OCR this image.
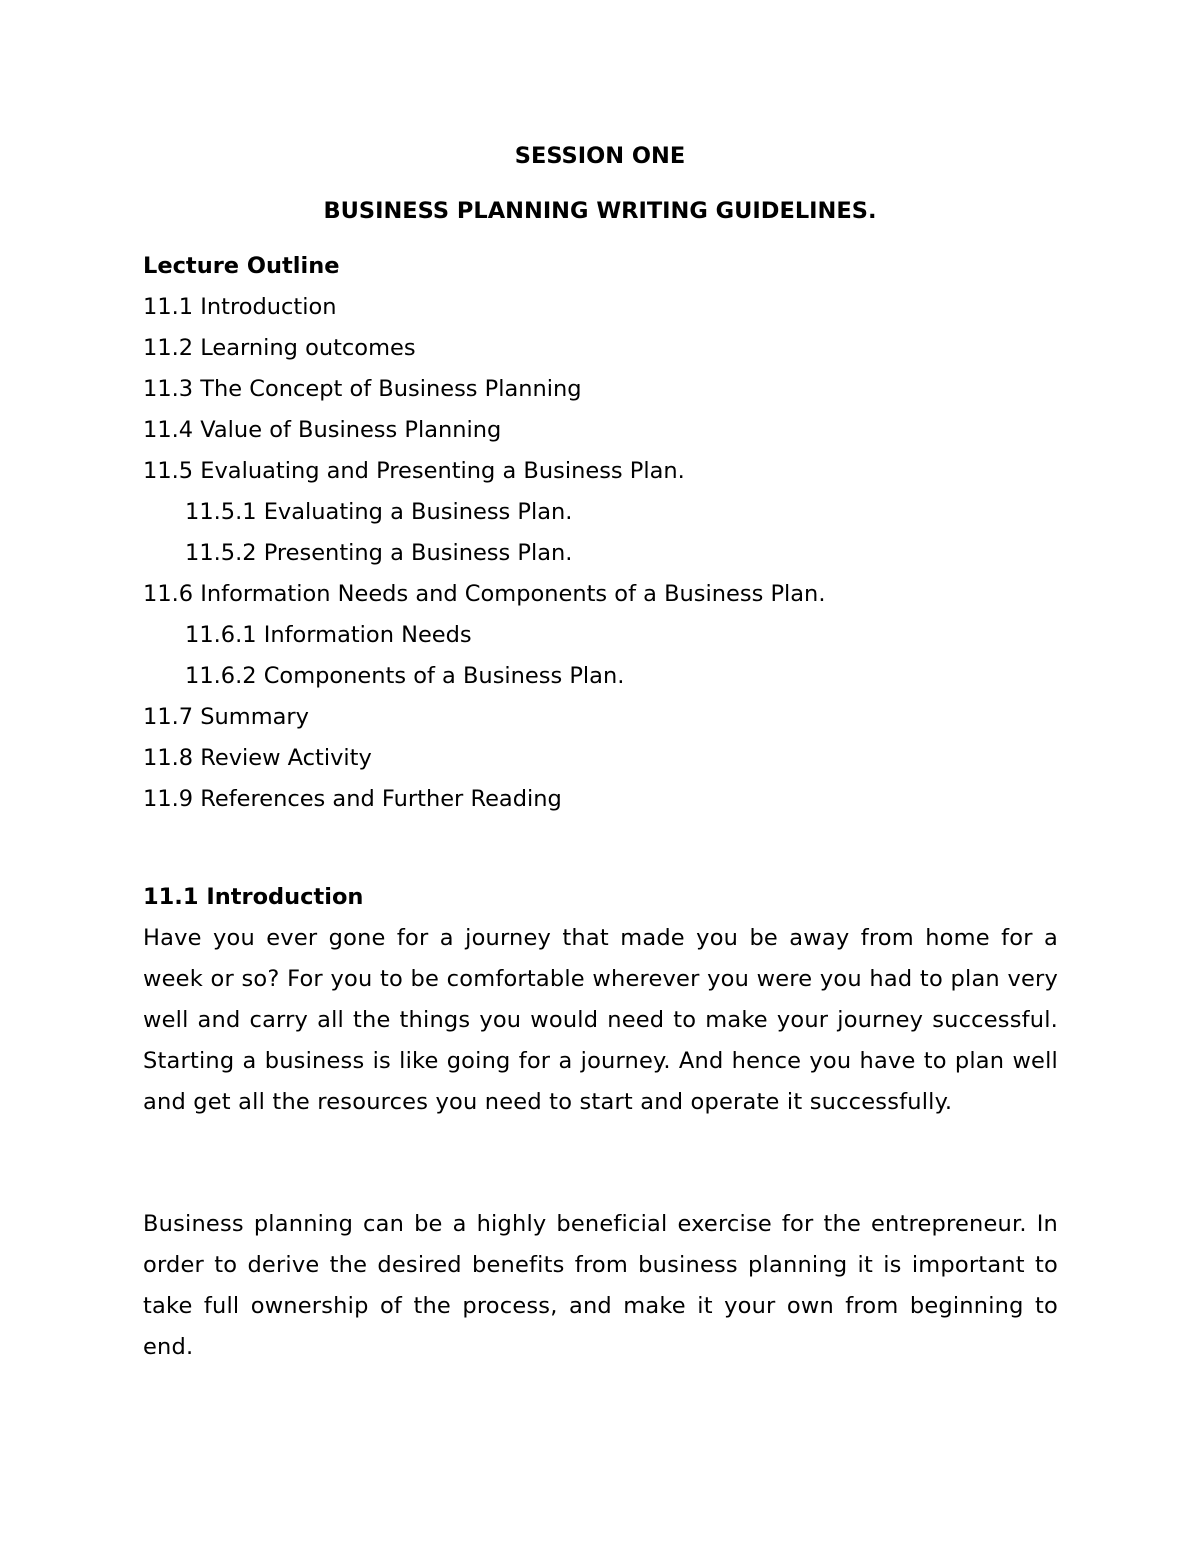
SESSION ONE

BUSINESS PLANNING WRITING GUIDELINES.

Lecture Outline

11.1 Introduction

11.2 Learning outcomes

11.3 The Concept of Business Planning

11.4 Value of Business Planning

11.5 Evaluating and Presenting a Business Plan.

11.5.1 Evaluating a Business Plan.

11.5.2 Presenting a Business Plan.

11.6 Information Needs and Components of a Business Plan.

11.6.1 Information Needs

11.6.2 Components of a Business Plan.

11.7 Summary

11.8 Review Activity

11.9 References and Further Reading

11.1 Introduction

Have you ever gone for a journey that made you be away from home for a week or so? For you to be comfortable wherever you were you had to plan very well and carry all the things you would need to make your journey successful. Starting a business is like going for a journey. And hence you have to plan well and get all the resources you need to start and operate it successfully.

Business planning can be a highly beneficial exercise for the entrepreneur. In order to derive the desired benefits from business planning it is important to take full ownership of the process, and make it your own from beginning to end.
